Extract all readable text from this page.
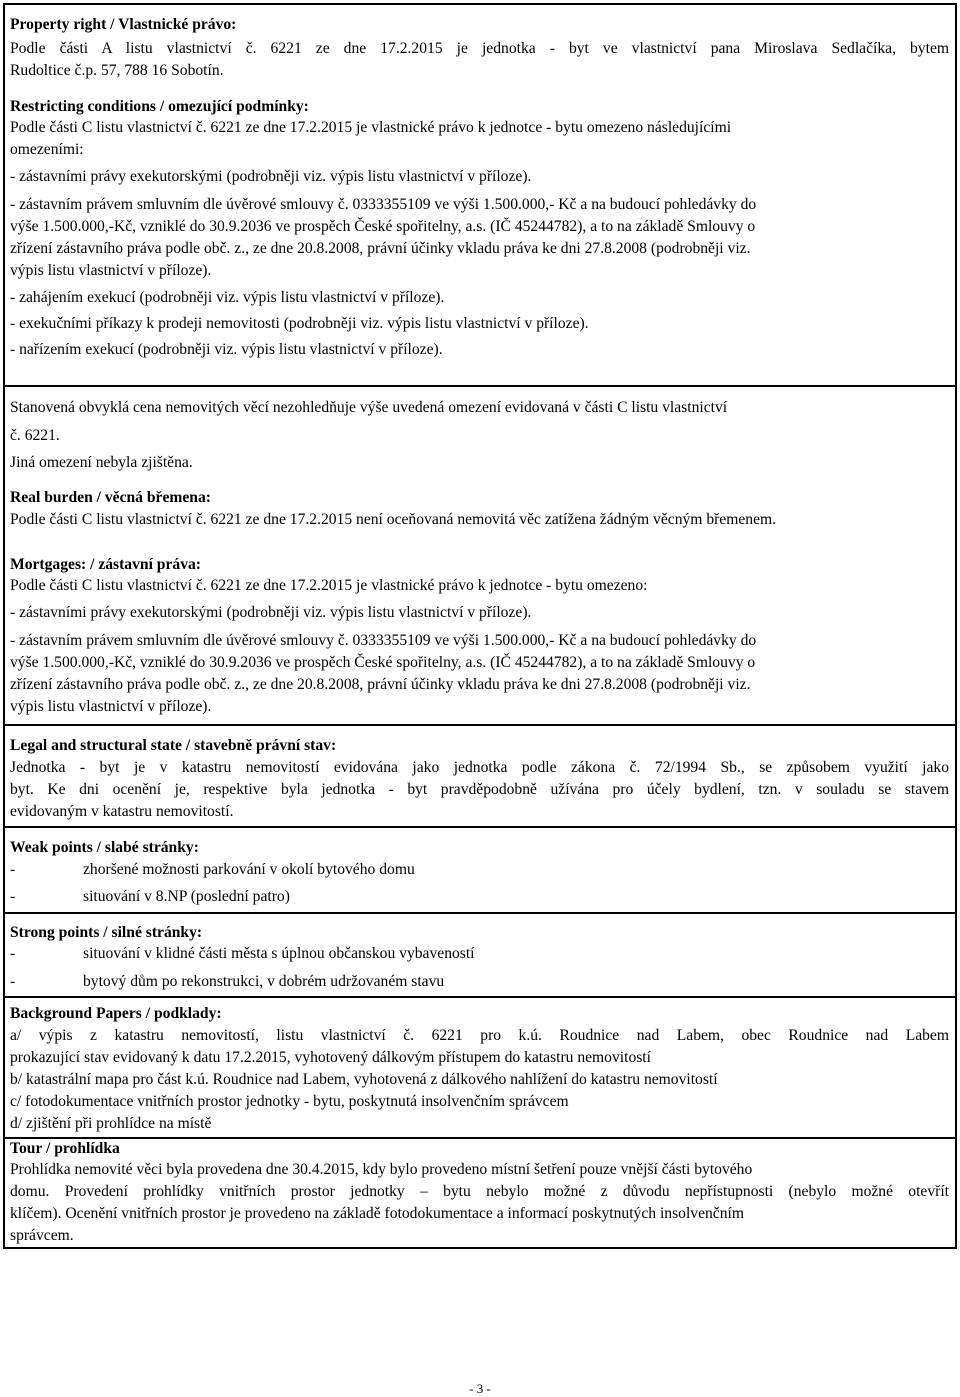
Property right / Vlastnické právo:
Podle části A listu vlastnictví č. 6221 ze dne 17.2.2015 je jednotka - byt ve vlastnictví pana Miroslava Sedlačíka, bytem
Rudoltice č.p. 57, 788 16 Sobotín.
Restricting conditions / omezující podmínky:
Podle části C listu vlastnictví č. 6221 ze dne 17.2.2015 je vlastnické právo k jednotce - bytu omezeno následujícími
omezeními:
- zástavními právy exekutorskými (podrobněji viz. výpis listu vlastnictví v příloze).
- zástavním právem smluvním dle úvěrové smlouvy č. 0333355109 ve výši 1.500.000,- Kč a na budoucí pohledávky do
výše 1.500.000,-Kč, vzniklé do 30.9.2036 ve prospěch České spořitelny, a.s. (IČ 45244782), a to na základě Smlouvy o
zřízení zástavního práva podle obč. z., ze dne 20.8.2008, právní účinky vkladu práva ke dni 27.8.2008 (podrobněji viz.
výpis listu vlastnictví v příloze).
- zahájením exekucí (podrobněji viz. výpis listu vlastnictví v příloze).
- exekučními příkazy k prodeji nemovitosti (podrobněji viz. výpis listu vlastnictví v příloze).
- nařízením exekucí (podrobněji viz. výpis listu vlastnictví v příloze).
Stanovená obvyklá cena nemovitých věcí nezohledňuje výše uvedená omezení evidovaná v části C listu vlastnictví
č. 6221.
Jiná omezení nebyla zjištěna.
Real burden / věcná břemena:
Podle části C listu vlastnictví č. 6221 ze dne 17.2.2015 není oceňovaná nemovitá věc zatížena žádným věcným břemenem.
Mortgages: / zástavní práva:
Podle části C listu vlastnictví č. 6221 ze dne 17.2.2015 je vlastnické právo k jednotce - bytu omezeno:
- zástavními právy exekutorskými (podrobněji viz. výpis listu vlastnictví v příloze).
- zástavním právem smluvním dle úvěrové smlouvy č. 0333355109 ve výši 1.500.000,- Kč a na budoucí pohledávky do
výše 1.500.000,-Kč, vzniklé do 30.9.2036 ve prospěch České spořitelny, a.s. (IČ 45244782), a to na základě Smlouvy o
zřízení zástavního práva podle obč. z., ze dne 20.8.2008, právní účinky vkladu práva ke dni 27.8.2008 (podrobněji viz.
výpis listu vlastnictví v příloze).
Legal and structural state / stavebně právní stav:
Jednotka - byt je v katastru nemovitostí evidována jako jednotka podle zákona č. 72/1994 Sb., se způsobem využití jako
byt. Ke dni ocenění je, respektive byla jednotka - byt pravděpodobně užívána pro účely bydlení, tzn. v souladu se stavem
evidovaným v katastru nemovitostí.
Weak points / slabé stránky:
-	zhoršené možnosti parkování v okolí bytového domu
-	situování v 8.NP (poslední patro)
Strong points / silné stránky:
-	situování v klidné části města s úplnou občanskou vybaveností
-	bytový dům po rekonstrukci, v dobrém udržovaném stavu
Background Papers / podklady:
a/ výpis z katastru nemovitostí, listu vlastnictví č. 6221 pro k.ú. Roudnice nad Labem, obec Roudnice nad Labem
prokazující stav evidovaný k datu 17.2.2015, vyhotovený dálkovým přístupem do katastru nemovitostí
b/ katastrální mapa pro část k.ú. Roudnice nad Labem, vyhotovená z dálkového nahlížení do katastru nemovitostí
c/ fotodokumentace vnitřních prostor jednotky - bytu, poskytnutá insolvenčním správcem
d/ zjištění při prohlídce na místě
Tour / prohlídka
Prohlídka nemovité věci byla provedena dne 30.4.2015, kdy bylo provedeno místní šetření pouze vnější části bytového
domu. Provedení prohlídky vnitřních prostor jednotky – bytu nebylo možné z důvodu nepřístupnosti (nebylo možné otevřít
klíčem). Ocenění vnitřních prostor je provedeno na základě fotodokumentace a informací poskytnutých insolvenčním
správcem.
- 3 -
